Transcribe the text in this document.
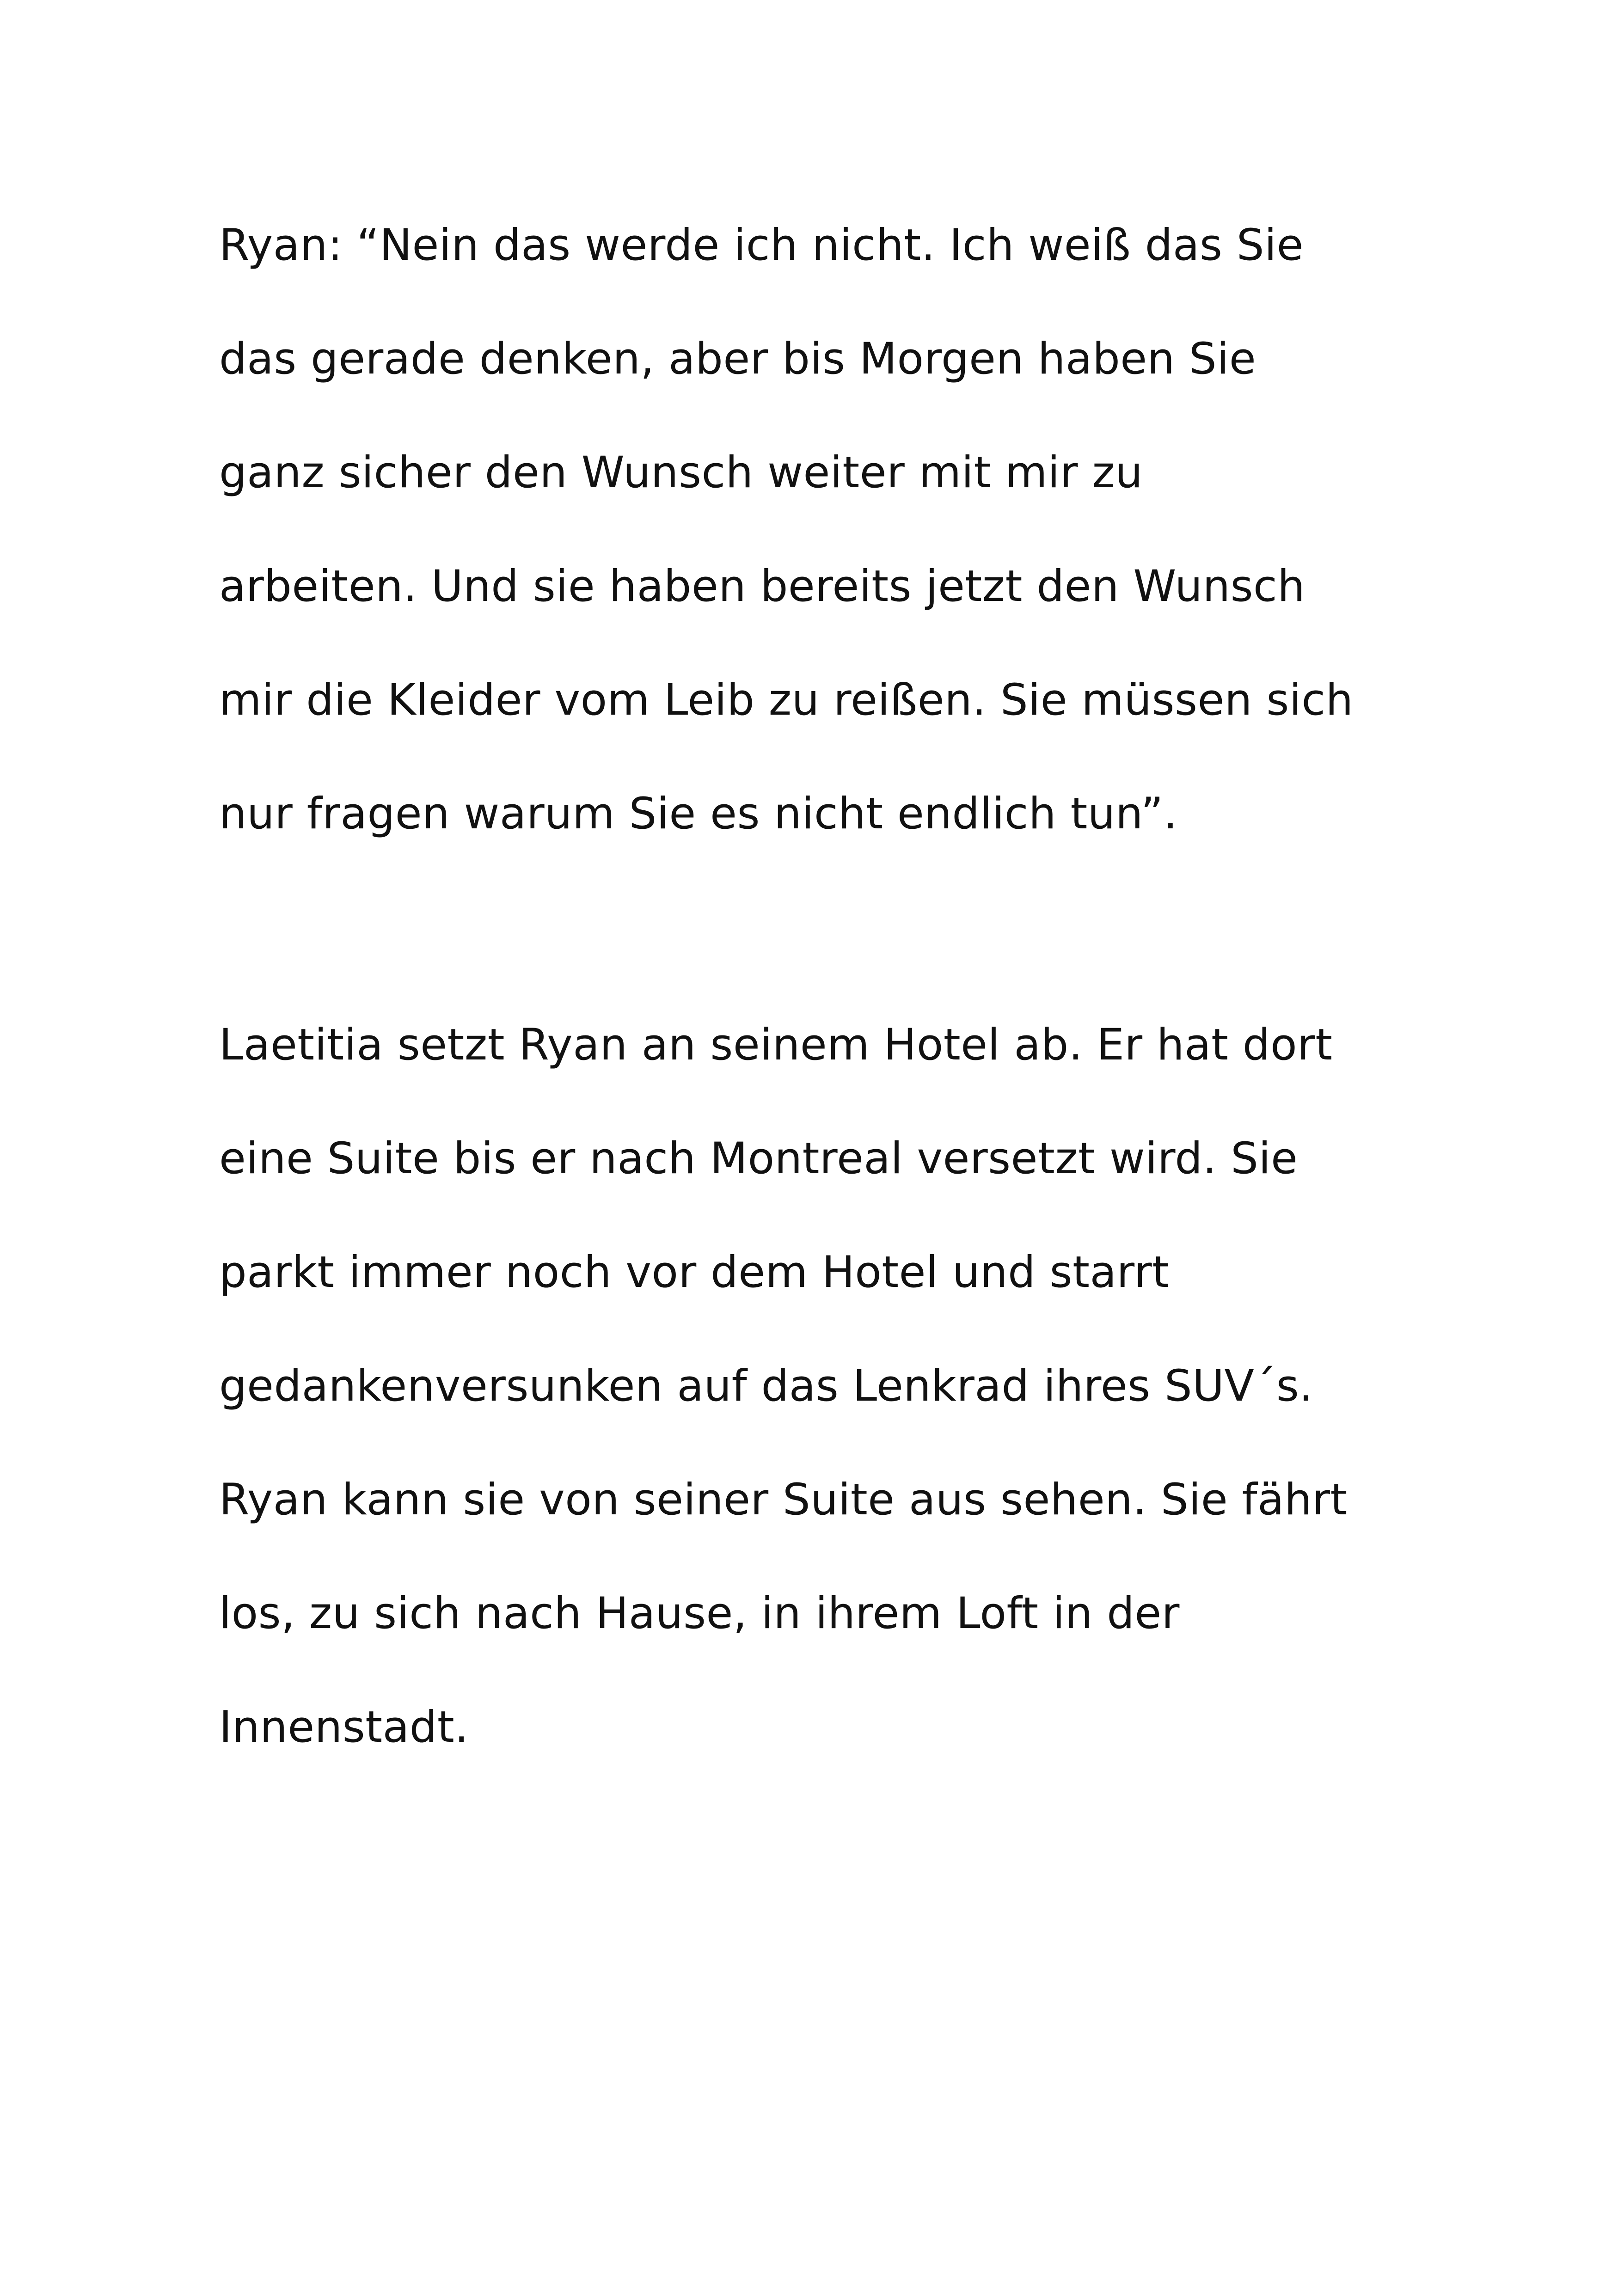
Ryan: “Nein das werde ich nicht. Ich weiß das Sie
das gerade denken, aber bis Morgen haben Sie
ganz sicher den Wunsch weiter mit mir zu
arbeiten. Und sie haben bereits jetzt den Wunsch
mir die Kleider vom Leib zu reißen. Sie müssen sich
nur fragen warum Sie es nicht endlich tun”.
Laetitia setzt Ryan an seinem Hotel ab. Er hat dort
eine Suite bis er nach Montreal versetzt wird. Sie
parkt immer noch vor dem Hotel und starrt
gedankenversunken auf das Lenkrad ihres SUV´s.
Ryan kann sie von seiner Suite aus sehen. Sie fährt
los, zu sich nach Hause, in ihrem Loft in der
Innenstadt.
